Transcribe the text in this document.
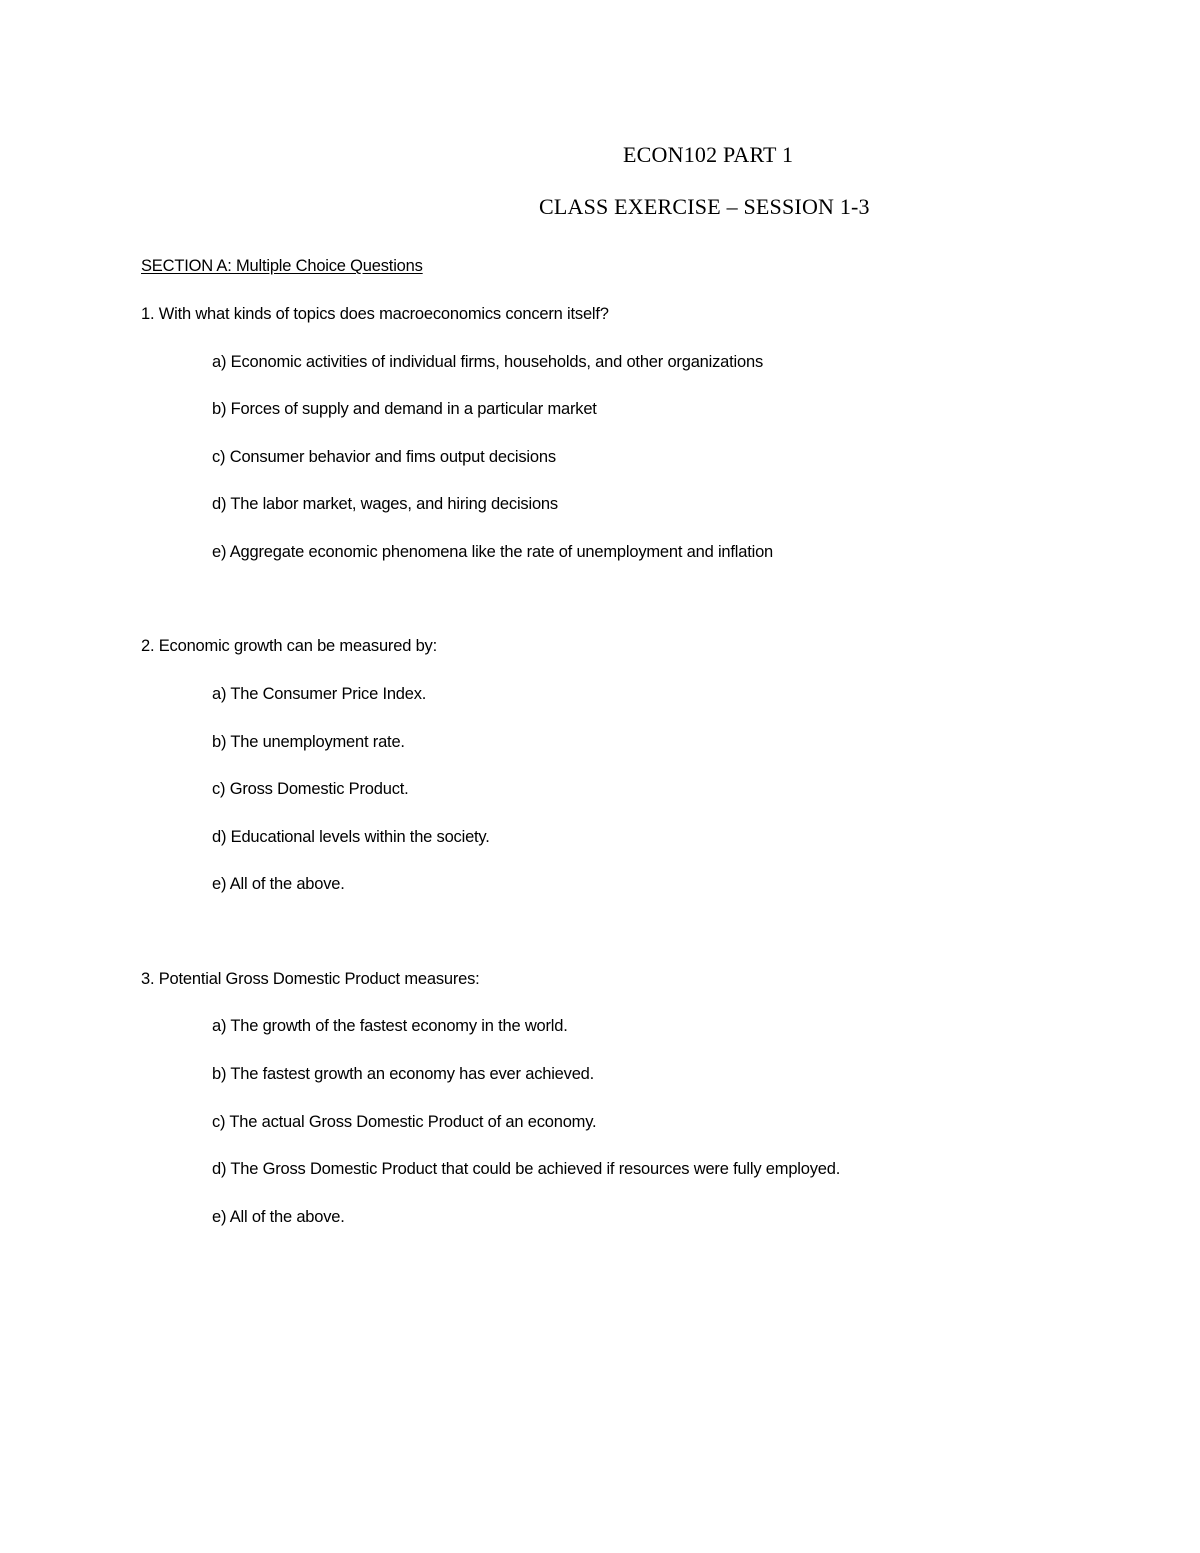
ECON102 PART 1
CLASS EXERCISE – SESSION 1-3
SECTION A: Multiple Choice Questions
1. With what kinds of topics does macroeconomics concern itself?
a) Economic activities of individual firms, households, and other organizations
b) Forces of supply and demand in a particular market
c) Consumer behavior and fims output decisions
d) The labor market, wages, and hiring decisions
e) Aggregate economic phenomena like the rate of unemployment and inflation
2. Economic growth can be measured by:
a) The Consumer Price Index.
b) The unemployment rate.
c) Gross Domestic Product.
d) Educational levels within the society.
e) All of the above.
3. Potential Gross Domestic Product measures:
a) The growth of the fastest economy in the world.
b) The fastest growth an economy has ever achieved.
c) The actual Gross Domestic Product of an economy.
d) The Gross Domestic Product that could be achieved if resources were fully employed.
e) All of the above.
